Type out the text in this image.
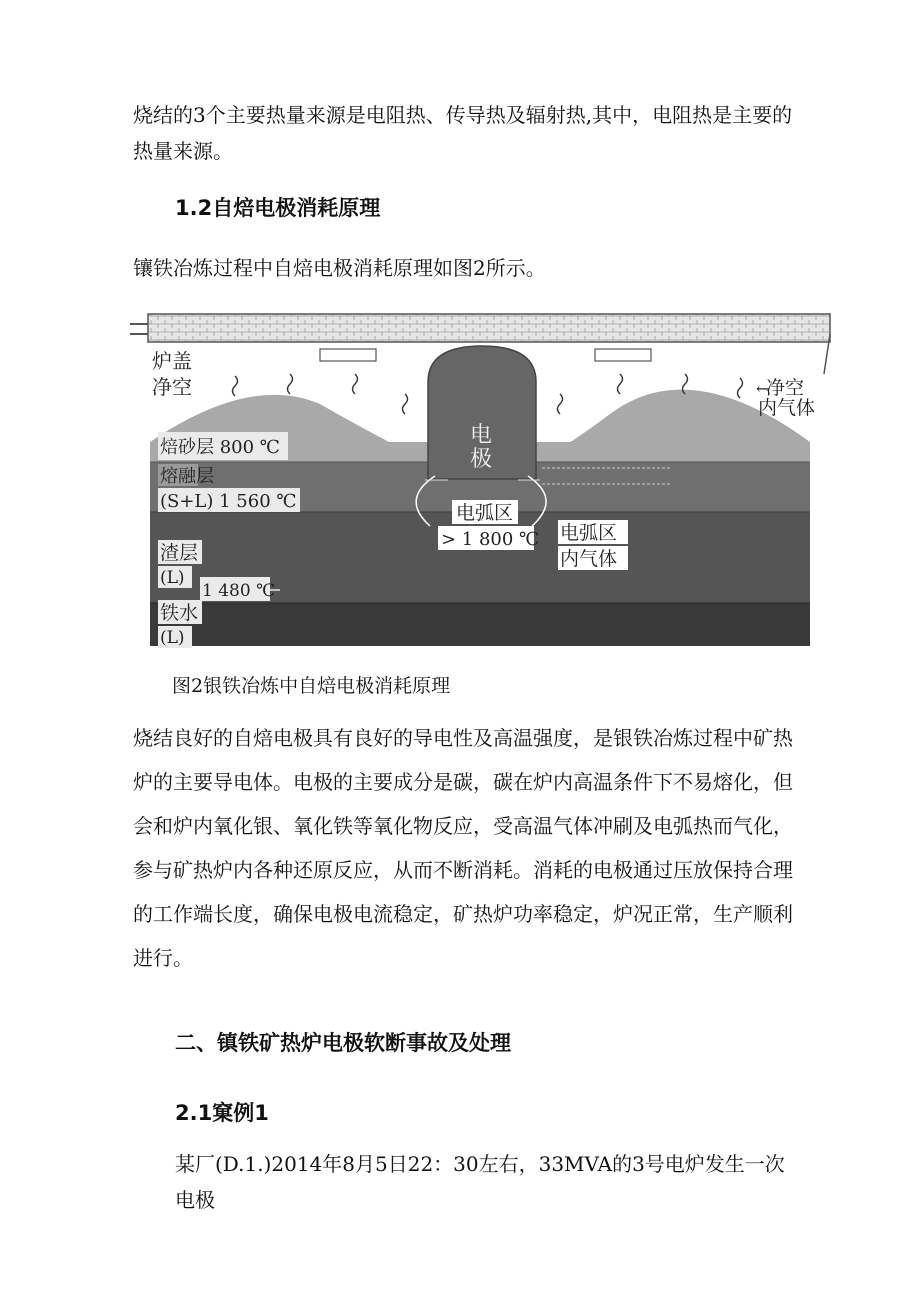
烧结的3个主要热量来源是电阻热、传导热及辐射热,其中，电阻热是主要的热量来源。

1.2自焙电极消耗原理

镶铁冶炼过程中自焙电极消耗原理如图2所示。

炉盖
净空	净空
内气体
←
电
极
焙砂层 800 ℃
熔融层
(S+L) 1 560 ℃
电弧区
> 1 800 ℃ 电弧区
内气体
渣层
(L)
1 480 ℃
铁水
(L)

图2银铁冶炼中自焙电极消耗原理

烧结良好的自焙电极具有良好的导电性及高温强度，是银铁冶炼过程中矿热炉的主要导电体。电极的主要成分是碳，碳在炉内高温条件下不易熔化，但会和炉内氧化银、氧化铁等氧化物反应，受高温气体冲刷及电弧热而气化，参与矿热炉内各种还原反应，从而不断消耗。消耗的电极通过压放保持合理的工作端长度，确保电极电流稳定，矿热炉功率稳定，炉况正常，生产顺利进行。

二、镇铁矿热炉电极软断事故及处理
2.1窠例1

某厂(D.1.)2014年8月5日22：30左右，33MVA的3号电炉发生一次电极
